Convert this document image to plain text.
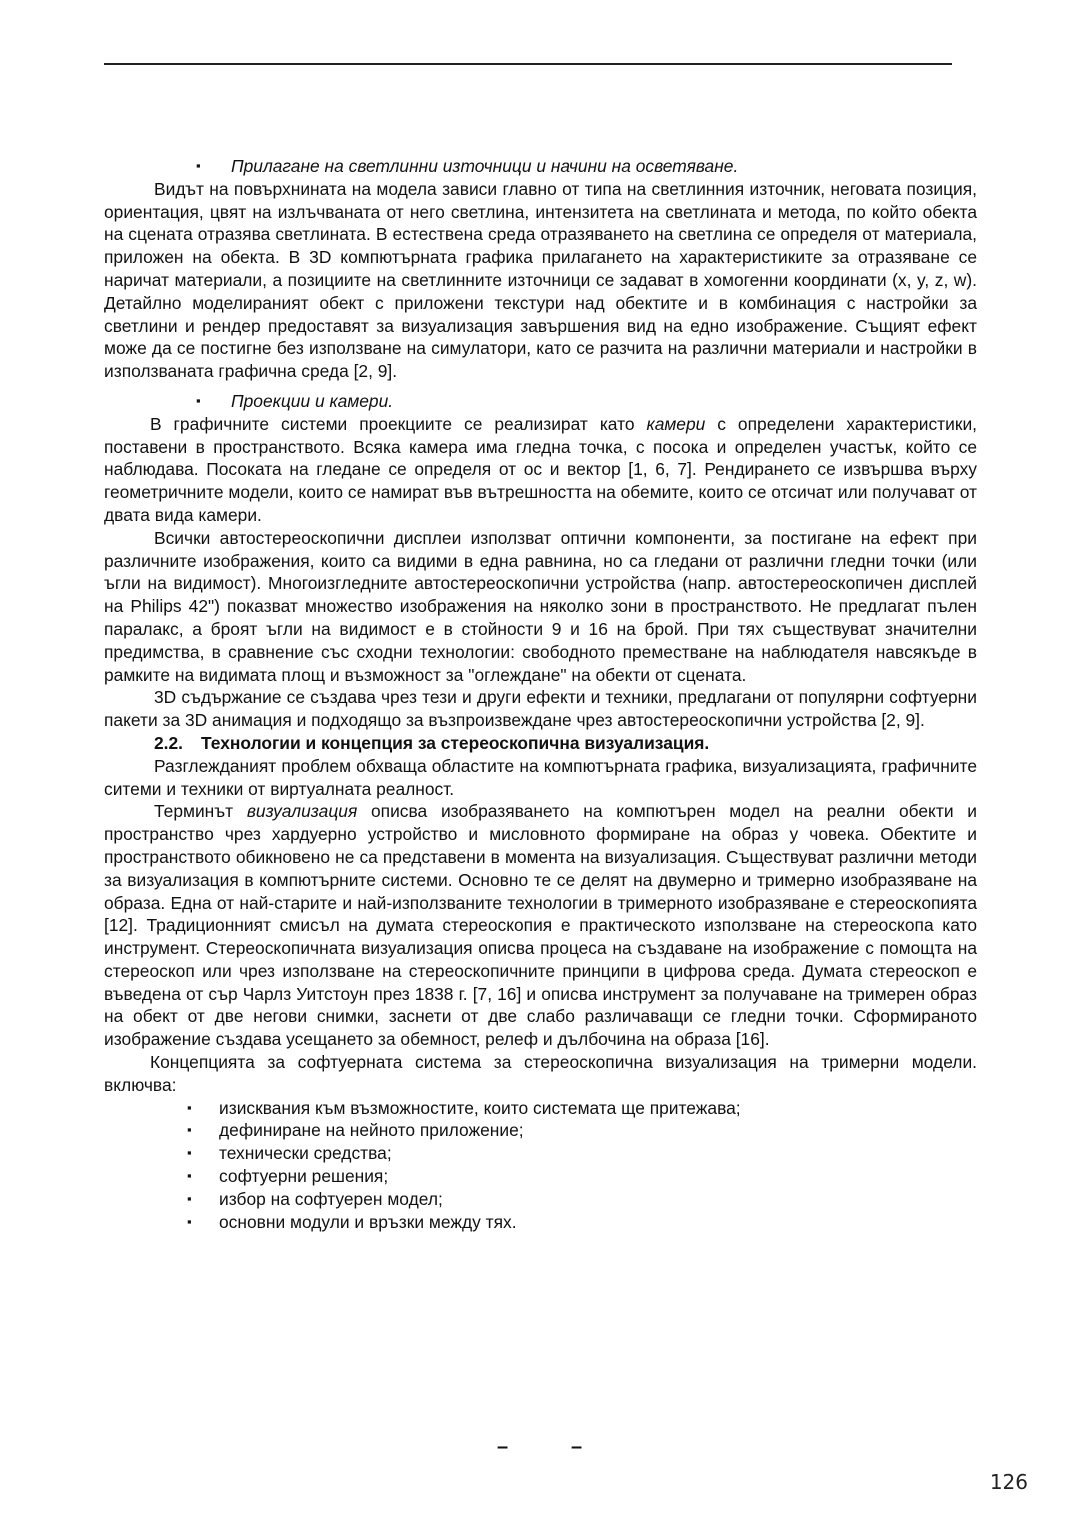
▪ Прилагане на светлинни източници и начини на осветяване.

Видът на повърхнината на модела зависи главно от типа на светлинния източник, неговата позиция, ориентация, цвят на излъчваната от него светлина, интензитета на светлината и метода, по който обекта на сцената отразява светлината. В естествена среда отразяването на светлина се определя от материала, приложен на обекта. В 3D компютърната графика прилагането на характеристиките за отразяване се наричат материали, а позициите на светлинните източници се задават в хомогенни координати (x, y, z, w). Детайлно моделираният обект с приложени текстури над обектите и в комбинация с настройки за светлини и рендер предоставят за визуализация завършения вид на едно изображение. Същият ефект може да се постигне без използване на симулатори, като се разчита на различни материали и настройки в използваната графична среда [2, 9].

▪ Проекции и камери.

В графичните системи проекциите се реализират като камери с определени характеристики, поставени в пространството. Всяка камера има гледна точка, с посока и определен участък, който се наблюдава. Посоката на гледане се определя от ос и вектор [1, 6, 7]. Рендирането се извършва върху геометричните модели, които се намират във вътрешността на обемите, които се отсичат или получават от двата вида камери.

Всички автостереоскопични дисплеи използват оптични компоненти, за постигане на ефект при различните изображения, които са видими в една равнина, но са гледани от различни гледни точки (или ъгли на видимост). Многоизгледните автостереоскопични устройства (напр. автостереоскопичен дисплей на Philips 42") показват множество изображения на няколко зони в пространството. Не предлагат пълен паралакс, а броят ъгли на видимост е в стойности 9 и 16 на брой. При тях съществуват значителни предимства, в сравнение със сходни технологии: свободното преместване на наблюдателя навсякъде в рамките на видимата площ и възможност за "оглеждане" на обекти от сцената.

3D съдържание се създава чрез тези и други ефекти и техники, предлагани от популярни софтуерни пакети за 3D анимация и подходящо за възпроизвеждане чрез автостереоскопични устройства [2, 9].

2.2. Технологии и концепция за стереоскопична визуализация.

Разглежданият проблем обхваща областите на компютърната графика, визуализацията, графичните ситеми и техники от виртуалната реалност.

Терминът визуализация описва изобразяването на компютърен модел на реални обекти и пространство чрез хардуерно устройство и мисловното формиране на образ у човека. Обектите и пространството обикновено не са представени в момента на визуализация. Съществуват различни методи за визуализация в компютърните системи. Основно те се делят на двумерно и тримерно изобразяване на образа. Една от най-старите и най-използваните технологии в тримерното изобразяване е стереоскопията [12]. Традиционният смисъл на думата стереоскопия е практическото използване на стереоскопа като инструмент. Стереоскопичната визуализация описва процеса на създаване на изображение с помощта на стереоскоп или чрез използване на стереоскопичните принципи в цифрова среда. Думата стереоскоп е въведена от сър Чарлз Уитстоун през 1838 г. [7, 16] и описва инструмент за получаване на тримерен образ на обект от две негови снимки, заснети от две слабо различаващи се гледни точки. Сформираното изображение създава усещането за обемност, релеф и дълбочина на образа [16].

Концепцията за софтуерната система за стереоскопична визуализация на тримерни модели. включва:

▪ изисквания към възможностите, които системата ще притежава;
▪ дефиниране на нейното приложение;
▪ технически средства;
▪ софтуерни решения;
▪ избор на софтуерен модел;
▪ основни модули и връзки между тях.
–	–
126
